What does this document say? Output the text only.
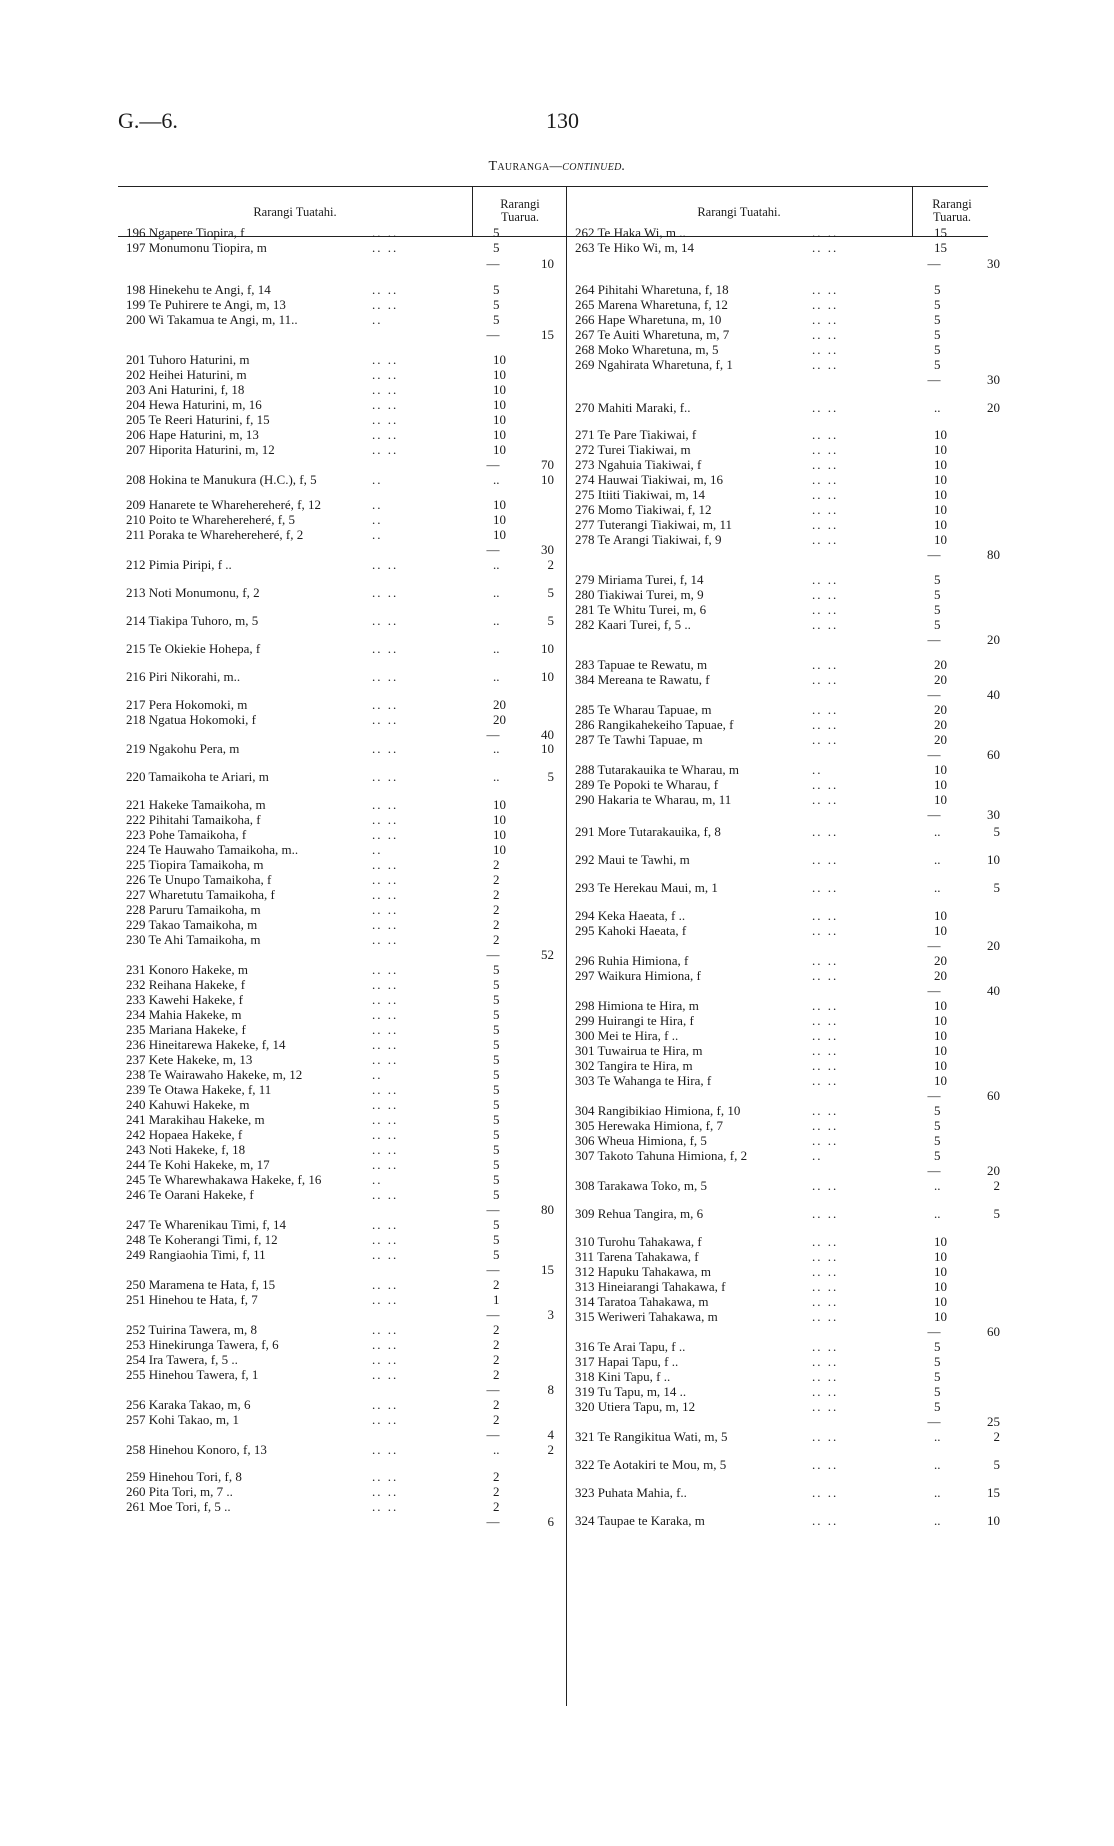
G.—6.	130
Tauranga—continued.
Rarangi Tuatahi.
Rarangi
Tuarua.	Rarangi Tuatahi.
Rarangi
Tuarua.
196 Ngapere Tiopira, f	.. ..	5
197 Monumonu Tiopira, m	.. ..	5
—	10
198 Hinekehu te Angi, f, 14	.. ..	5
199 Te Puhirere te Angi, m, 13	.. ..	5
200 Wi Takamua te Angi, m, 11..	..	5
—	15
201 Tuhoro Haturini, m	.. ..	10
202 Heihei Haturini, m	.. ..	10
203 Ani Haturini, f, 18	.. ..	10
204 Hewa Haturini, m, 16	.. ..	10
205 Te Reeri Haturini, f, 15	.. ..	10
206 Hape Haturini, m, 13	.. ..	10
207 Hiporita Haturini, m, 12	.. ..	10
—	70
208 Hokina te Manukura (H.C.), f, 5	..	..	10
209 Hanarete te Wharehereheré, f, 12	..	10
210 Poito te Wharehereheré, f, 5	..	10
211 Poraka te Wharehereheré, f, 2	..	10
—	30
212 Pimia Piripi, f ..	.. ..	..	2
213 Noti Monumonu, f, 2	.. ..	..	5
214 Tiakipa Tuhoro, m, 5	.. ..	..	5
215 Te Okiekie Hohepa, f	.. ..	..	10
216 Piri Nikorahi, m..	.. ..	..	10
217 Pera Hokomoki, m	.. ..	20
218 Ngatua Hokomoki, f	.. ..	20
—	40
219 Ngakohu Pera, m	.. ..	..	10
220 Tamaikoha te Ariari, m	.. ..	..	5
221 Hakeke Tamaikoha, m	.. ..	10
222 Pihitahi Tamaikoha, f	.. ..	10
223 Pohe Tamaikoha, f	.. ..	10
224 Te Hauwaho Tamaikoha, m..	..	10
225 Tiopira Tamaikoha, m	.. ..	2
226 Te Unupo Tamaikoha, f	.. ..	2
227 Wharetutu Tamaikoha, f	.. ..	2
228 Paruru Tamaikoha, m	.. ..	2
229 Takao Tamaikoha, m	.. ..	2
230 Te Ahi Tamaikoha, m	.. ..	2
—	52
231 Konoro Hakeke, m	.. ..	5
232 Reihana Hakeke, f	.. ..	5
233 Kawehi Hakeke, f	.. ..	5
234 Mahia Hakeke, m	.. ..	5
235 Mariana Hakeke, f	.. ..	5
236 Hineitarewa Hakeke, f, 14	.. ..	5
237 Kete Hakeke, m, 13	.. ..	5
238 Te Wairawaho Hakeke, m, 12	..	5
239 Te Otawa Hakeke, f, 11	.. ..	5
240 Kahuwi Hakeke, m	.. ..	5
241 Marakihau Hakeke, m	.. ..	5
242 Hopaea Hakeke, f	.. ..	5
243 Noti Hakeke, f, 18	.. ..	5
244 Te Kohi Hakeke, m, 17	.. ..	5
245 Te Wharewhakawa Hakeke, f, 16	..	5
246 Te Oarani Hakeke, f	.. ..	5
—	80
247 Te Wharenikau Timi, f, 14	.. ..	5
248 Te Koherangi Timi, f, 12	.. ..	5
249 Rangiaohia Timi, f, 11	.. ..	5
—	15
250 Maramena te Hata, f, 15	.. ..	2
251 Hinehou te Hata, f, 7	.. ..	1
—	3
252 Tuirina Tawera, m, 8	.. ..	2
253 Hinekirunga Tawera, f, 6	.. ..	2
254 Ira Tawera, f, 5 ..	.. ..	2
255 Hinehou Tawera, f, 1	.. ..	2
—	8
256 Karaka Takao, m, 6	.. ..	2
257 Kohi Takao, m, 1	.. ..	2
—	4
258 Hinehou Konoro, f, 13	.. ..	..	2
259 Hinehou Tori, f, 8	.. ..	2
260 Pita Tori, m, 7 ..	.. ..	2
261 Moe Tori, f, 5 ..	.. ..	2
—	6
262 Te Haka Wi, m ..	.. ..	15
263 Te Hiko Wi, m, 14	.. ..	15
—	30
264 Pihitahi Wharetuna, f, 18	.. ..	5
265 Marena Wharetuna, f, 12	.. ..	5
266 Hape Wharetuna, m, 10	.. ..	5
267 Te Auiti Wharetuna, m, 7	.. ..	5
268 Moko Wharetuna, m, 5	.. ..	5
269 Ngahirata Wharetuna, f, 1	.. ..	5
—	30
270 Mahiti Maraki, f..	.. ..	..	20
271 Te Pare Tiakiwai, f	.. ..	10
272 Turei Tiakiwai, m	.. ..	10
273 Ngahuia Tiakiwai, f	.. ..	10
274 Hauwai Tiakiwai, m, 16	.. ..	10
275 Itiiti Tiakiwai, m, 14	.. ..	10
276 Momo Tiakiwai, f, 12	.. ..	10
277 Tuterangi Tiakiwai, m, 11	.. ..	10
278 Te Arangi Tiakiwai, f, 9	.. ..	10
—	80
279 Miriama Turei, f, 14	.. ..	5
280 Tiakiwai Turei, m, 9	.. ..	5
281 Te Whitu Turei, m, 6	.. ..	5
282 Kaari Turei, f, 5 ..	.. ..	5
—	20
283 Tapuae te Rewatu, m	.. ..	20
384 Mereana te Rawatu, f	.. ..	20
—	40
285 Te Wharau Tapuae, m	.. ..	20
286 Rangikahekeiho Tapuae, f	.. ..	20
287 Te Tawhi Tapuae, m	.. ..	20
—	60
288 Tutarakauika te Wharau, m	..	10
289 Te Popoki te Wharau, f	.. ..	10
290 Hakaria te Wharau, m, 11	.. ..	10
—	30
291 More Tutarakauika, f, 8	.. ..	..	5
292 Maui te Tawhi, m	.. ..	..	10
293 Te Herekau Maui, m, 1	.. ..	..	5
294 Keka Haeata, f ..	.. ..	10
295 Kahoki Haeata, f	.. ..	10
—	20
296 Ruhia Himiona, f	.. ..	20
297 Waikura Himiona, f	.. ..	20
—	40
298 Himiona te Hira, m	.. ..	10
299 Huirangi te Hira, f	.. ..	10
300 Mei te Hira, f ..	.. ..	10
301 Tuwairua te Hira, m	.. ..	10
302 Tangira te Hira, m	.. ..	10
303 Te Wahanga te Hira, f	.. ..	10
—	60
304 Rangibikiao Himiona, f, 10	.. ..	5
305 Herewaka Himiona, f, 7	.. ..	5
306 Wheua Himiona, f, 5	.. ..	5
307 Takoto Tahuna Himiona, f, 2	..	5
—	20
308 Tarakawa Toko, m, 5	.. ..	..	2
309 Rehua Tangira, m, 6	.. ..	..	5
310 Turohu Tahakawa, f	.. ..	10
311 Tarena Tahakawa, f	.. ..	10
312 Hapuku Tahakawa, m	.. ..	10
313 Hineiarangi Tahakawa, f	.. ..	10
314 Taratoa Tahakawa, m	.. ..	10
315 Weriweri Tahakawa, m	.. ..	10
—	60
316 Te Arai Tapu, f ..	.. ..	5
317 Hapai Tapu, f ..	.. ..	5
318 Kini Tapu, f ..	.. ..	5
319 Tu Tapu, m, 14 ..	.. ..	5
320 Utiera Tapu, m, 12	.. ..	5
—	25
321 Te Rangikitua Wati, m, 5	.. ..	..	2
322 Te Aotakiri te Mou, m, 5	.. ..	..	5
323 Puhata Mahia, f..	.. ..	..	15
324 Taupae te Karaka, m	.. ..	..	10
